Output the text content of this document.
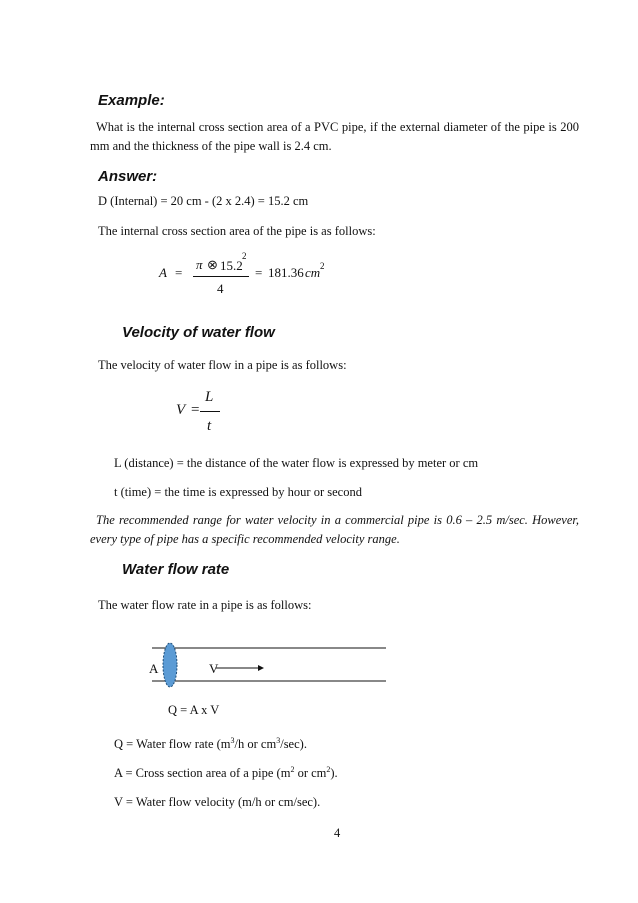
Example:
What is the internal cross section area of a PVC pipe, if the external diameter of the pipe is 200 mm and the thickness of the pipe wall is 2.4 cm.
Answer:
D (Internal) = 20 cm - (2 x 2.4) = 15.2 cm
The internal cross section area of the pipe is as follows:
A =
π ⊗ 15.2
2
4
= 181.36 cm 2
Velocity of water flow
The velocity of water flow in a pipe is as follows:
V =
L
t
L (distance) = the distance of the water flow is expressed by meter or cm
t (time) = the time is expressed by hour or second
The recommended range for water velocity in a commercial pipe is 0.6 – 2.5 m/sec. However, every type of pipe has a specific recommended velocity range.
Water flow rate
The water flow rate in a pipe is as follows:
A	V
Q = A x V
Q = Water flow rate ($m^3/h$ or $cm^3/\sec$).
A = Cross section area of a pipe ($m^2$ or $cm^2$).
V = Water flow velocity (m/h or cm/sec).
4
